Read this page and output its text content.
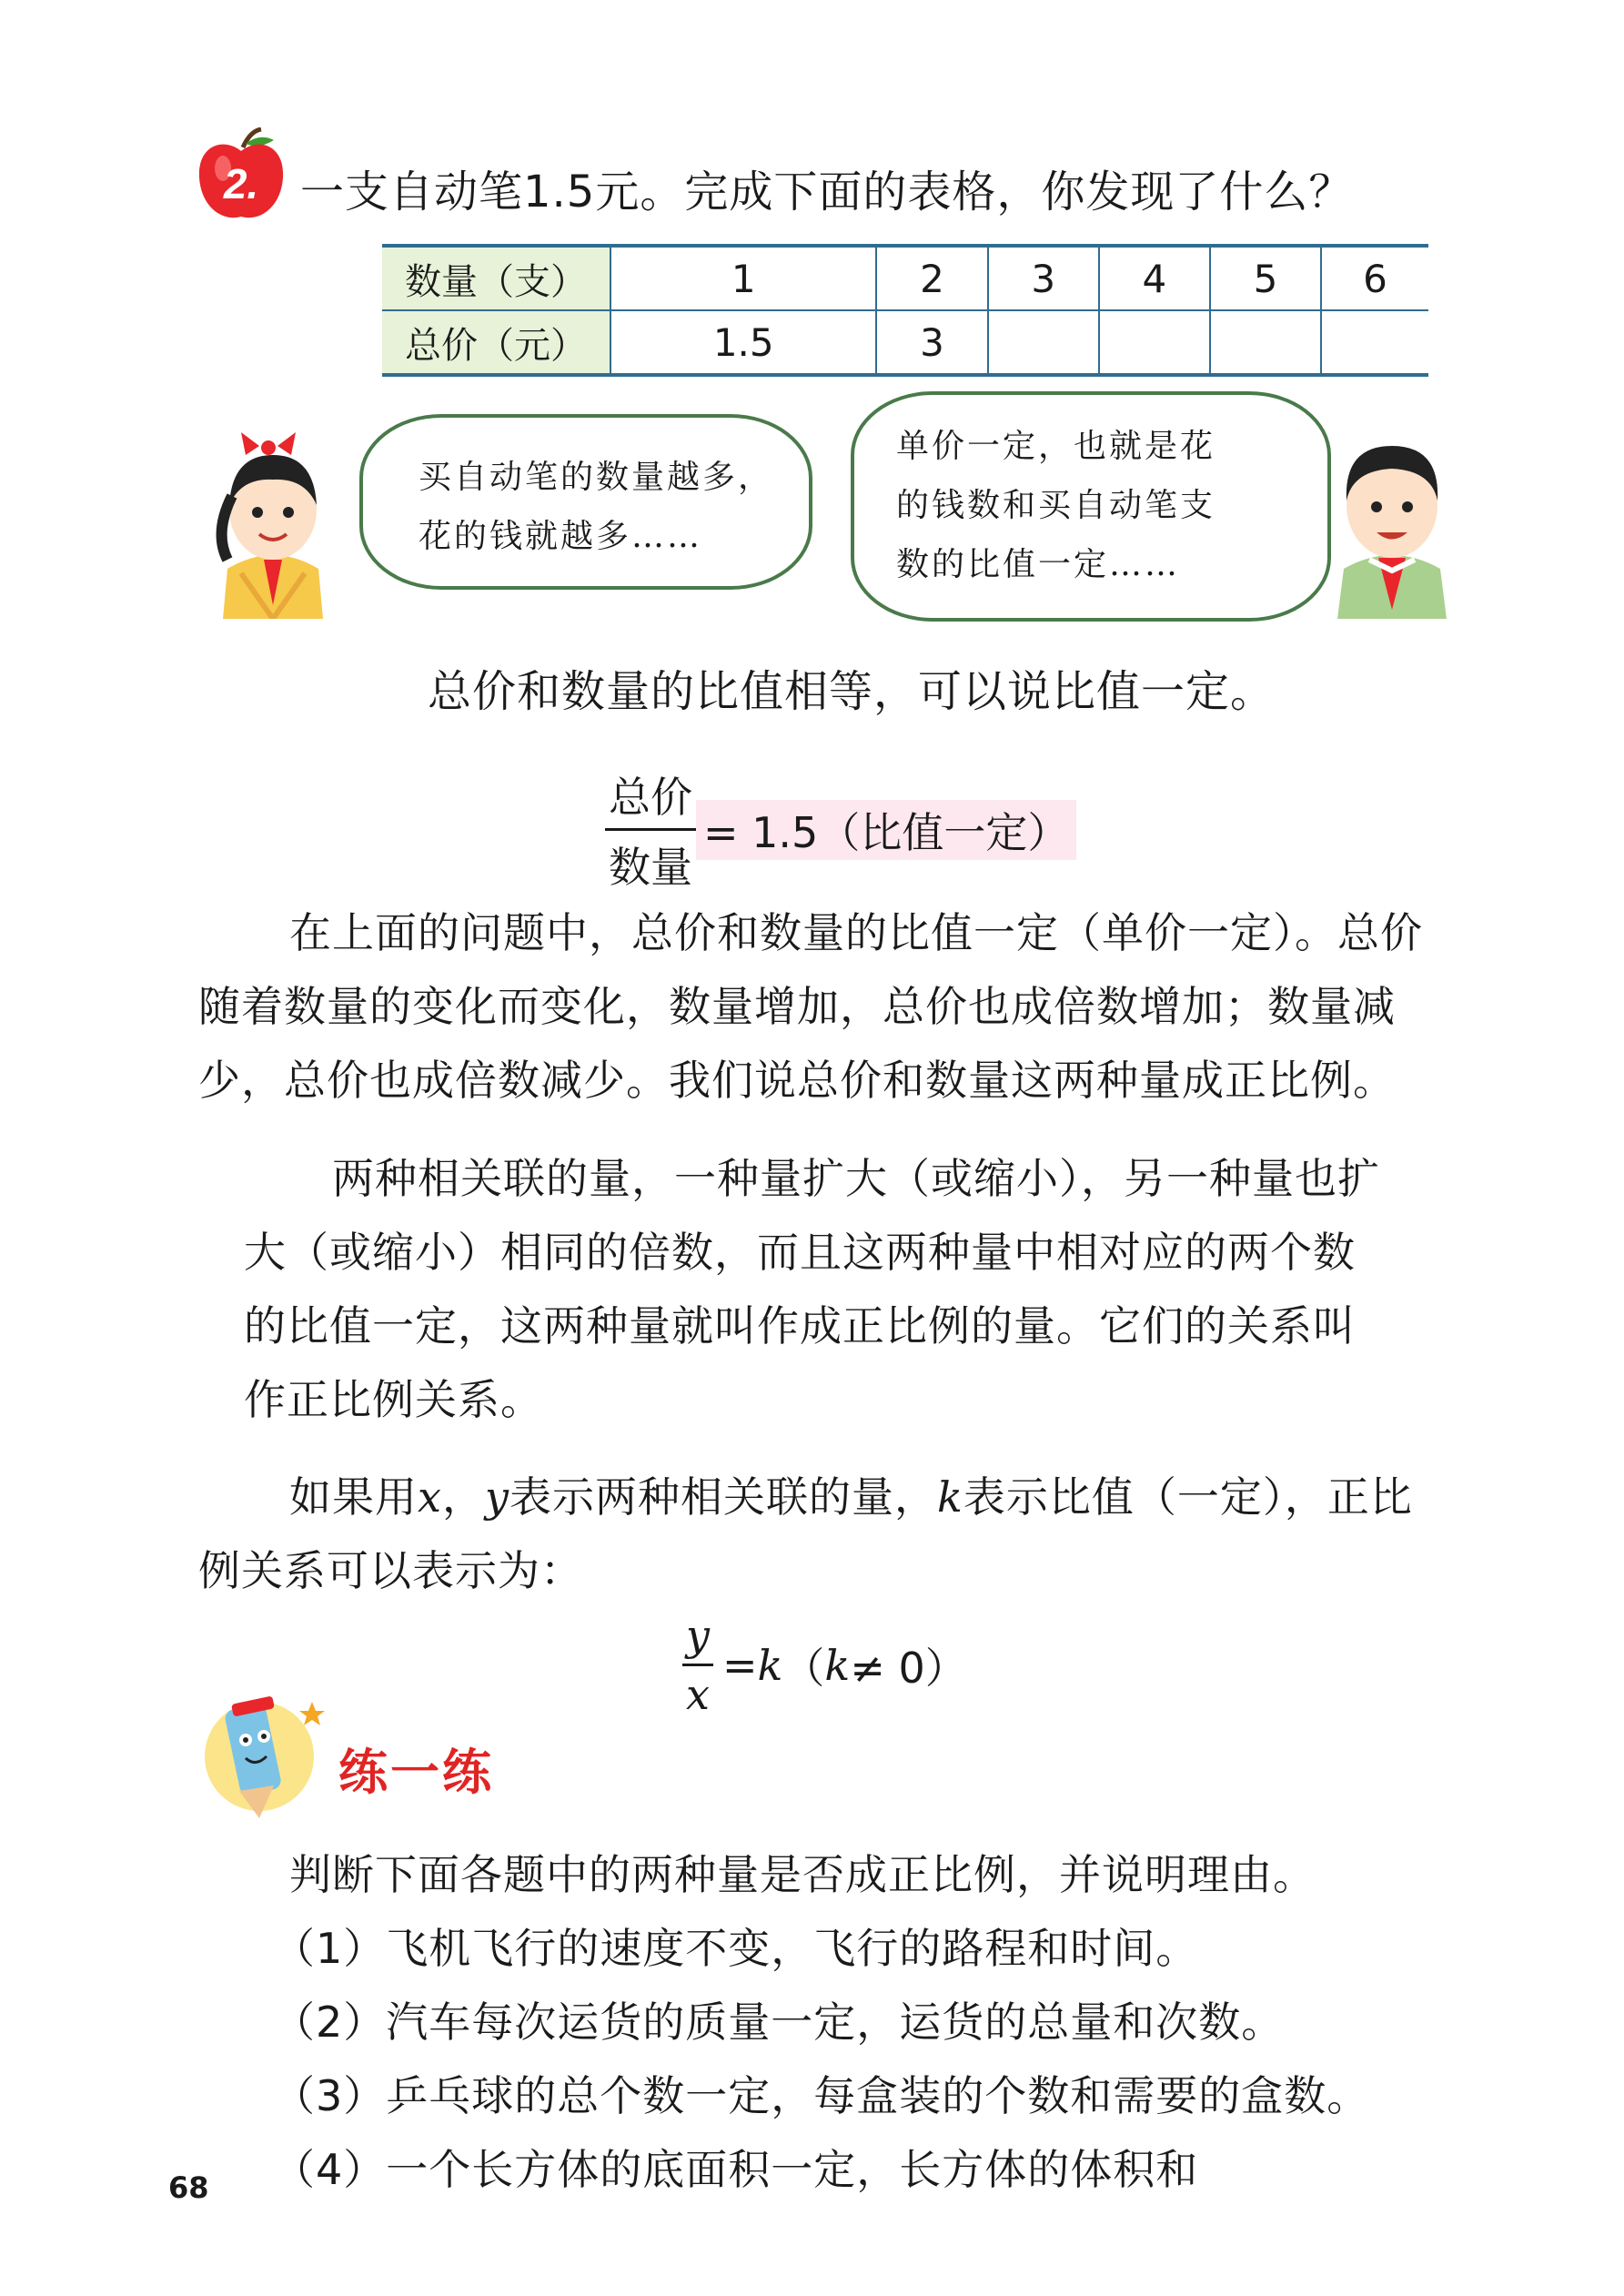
2. 一支自动笔1.5元。完成下面的表格，你发现了什么？
数量（支）	1	2	3	4	5	6
总价（元）	1.5	3				
买自动笔的数量越多，
花的钱就越多……
单价一定，也就是花
的钱数和买自动笔支
数的比值一定……
总价和数量的比值相等，可以说比值一定。
$\frac{\text{总价}}{\text{数量}} = 1.5$（比值一定）
在上面的问题中，总价和数量的比值一定（单价一定）。总价
随着数量的变化而变化，数量增加，总价也成倍数增加；数量减
少，总价也成倍数减少。我们说总价和数量这两种量成正比例。
两种相关联的量，一种量扩大（或缩小），另一种量也扩
大（或缩小）相同的倍数，而且这两种量中相对应的两个数
的比值一定，这两种量就叫作成正比例的量。它们的关系叫
作正比例关系。
如果用x，y表示两种相关联的量，k表示比值（一定），正比
例关系可以表示为：
$\frac{y}{x} = k$ （ k ≠ 0）
练一练
判断下面各题中的两种量是否成正比例，并说明理由。
（1）飞机飞行的速度不变，飞行的路程和时间。
（2）汽车每次运货的质量一定，运货的总量和次数。
（3）乒乓球的总个数一定，每盒装的个数和需要的盒数。
（4）一个长方体的底面积一定，长方体的体积和
68
